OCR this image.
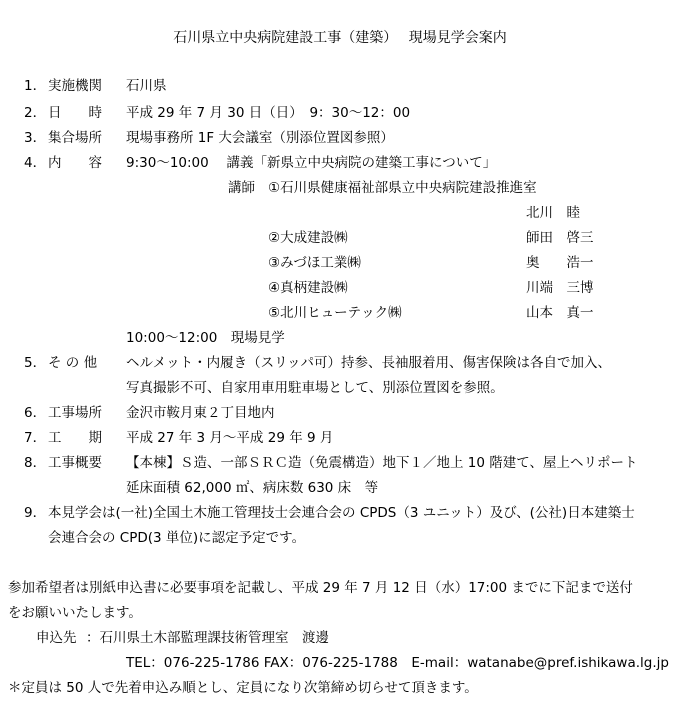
石川県立中央病院建設工事（建築）　 現場見学会案内
1． 実施機関 石川県
2． 日　　時 平成 29 年 7 月 30 日（日）　9：30～12：00
3． 集合場所 現場事務所 1F 大会議室（別添位置図参照）
4． 内　　容 9:30～10:00　 講義「新県立中央病院の建築工事について」
講師 ①石川県健康福祉部県立中央病院建設推進室
北川　睦
②大成建設㈱	師田　啓三
③みづほ工業㈱	奥　　浩一
④真柄建設㈱	川端　三博
⑤北川ヒューテック㈱	山本　真一
10:00～12:00　現場見学
5． そ の 他 ヘルメット・内履き（スリッパ可）持参、長袖服着用、傷害保険は各自で加入、
写真撮影不可、自家用車用駐車場として、別添位置図を参照。
6． 工事場所 金沢市鞍月東２丁目地内
7． 工　　期 平成 27 年 3 月～平成 29 年 9 月
8． 工事概要 【本棟】Ｓ造、一部ＳＲＣ造（免震構造）地下１／地上 10 階建て、屋上ヘリポート
延床面積 62,000 ㎡、病床数 630 床　等
9． 本見学会は(一社)全国土木施工管理技士会連合会の CPDS（3 ユニット）及び、(公社)日本建築士
会連合会の CPD(3 単位)に認定予定です。
参加希望者は別紙申込書に必要事項を記載し、平成 29 年 7 月 12 日（水）17:00 までに下記まで送付
をお願いいたします。
申込先 ：石川県土木部監理課技術管理室　渡邊
TEL：076-225-1786 FAX：076-225-1788　E-mail：watanabe@pref.ishikawa.lg.jp
＊定員は 50 人で先着申込み順とし、定員になり次第締め切らせて頂きます。
